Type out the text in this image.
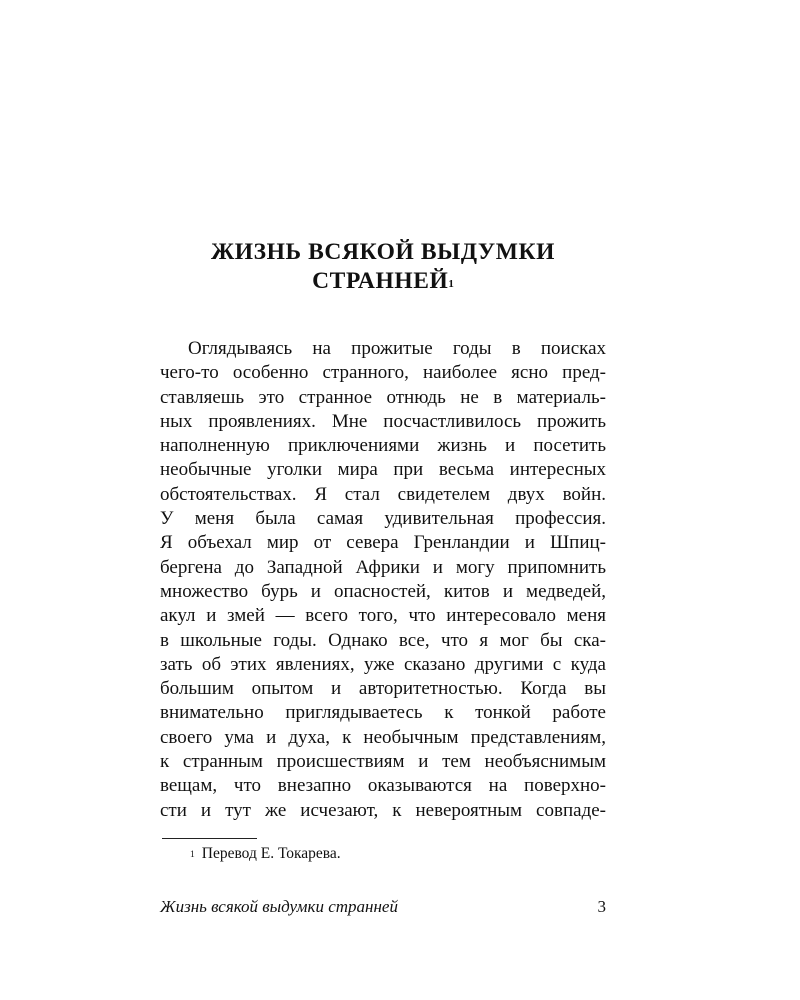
ЖИЗНЬ ВСЯКОЙ ВЫДУМКИ
СТРАННЕЙ$^1$
Оглядываясь на прожитые годы в поисках
чего-то особенно странного, наиболее ясно пред-
ставляешь это странное отнюдь не в материаль-
ных проявлениях. Мне посчастливилось прожить
наполненную приключениями жизнь и посетить
необычные уголки мира при весьма интересных
обстоятельствах. Я стал свидетелем двух войн.
У меня была самая удивительная профессия.
Я объехал мир от севера Гренландии и Шпиц-
бергена до Западной Африки и могу припомнить
множество бурь и опасностей, китов и медведей,
акул и змей — всего того, что интересовало меня
в школьные годы. Однако все, что я мог бы ска-
зать об этих явлениях, уже сказано другими с куда
большим опытом и авторитетностью. Когда вы
внимательно приглядываетесь к тонкой работе
своего ума и духа, к необычным представлениям,
к странным происшествиям и тем необъяснимым
вещам, что внезапно оказываются на поверхно-
сти и тут же исчезают, к невероятным совпаде-
$^1$ Перевод Е. Токарева.
Жизнь всякой выдумки странней	3
